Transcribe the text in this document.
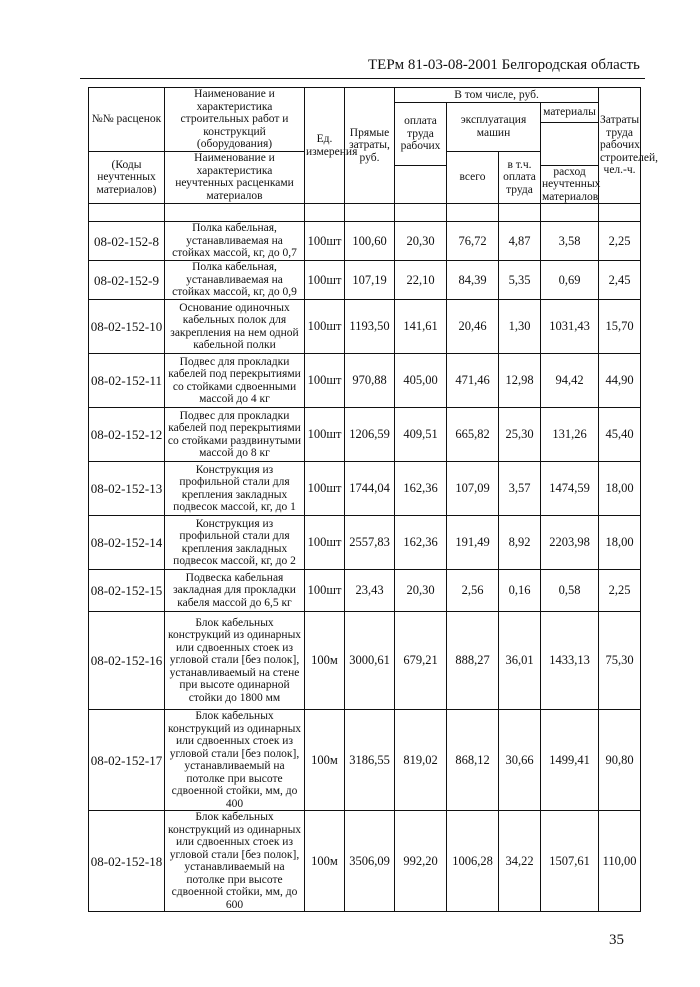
ТЕРм 81-03-08-2001 Белгородская область
№№ расценок	Наименование и характеристика строительных работ и конструкций (оборудования)	Ед. измерения	Прямые затраты, руб.	В том числе, руб.				Затраты труда рабочих строителей, чел.-ч.
				оплата труда рабочих	эксплуатация машин		материалы	

(Коды неучтенных материалов)	Наименование и характеристика неучтенных расценками материалов				всего	в т.ч. оплата труда		
							расход неучтенных материалов	

08-02-152-8	Полка кабельная, устанавливаемая на стойках массой, кг, до 0,7	100шт	100,60	20,30	76,72	4,87	3,58	2,25
08-02-152-9	Полка кабельная, устанавливаемая на стойках массой, кг, до 0,9	100шт	107,19	22,10	84,39	5,35	0,69	2,45
08-02-152-10	Основание одиночных кабельных полок для закрепления на нем одной кабельной полки	100шт	1193,50	141,61	20,46	1,30	1031,43	15,70
08-02-152-11	Подвес для прокладки кабелей под перекрытиями со стойками сдвоенными массой до 4 кг	100шт	970,88	405,00	471,46	12,98	94,42	44,90
08-02-152-12	Подвес для прокладки кабелей под перекрытиями со стойками раздвинутыми массой до 8 кг	100шт	1206,59	409,51	665,82	25,30	131,26	45,40
08-02-152-13	Конструкция из профильной стали для крепления закладных подвесок массой, кг, до 1	100шт	1744,04	162,36	107,09	3,57	1474,59	18,00
08-02-152-14	Конструкция из профильной стали для крепления закладных подвесок массой, кг, до 2	100шт	2557,83	162,36	191,49	8,92	2203,98	18,00
08-02-152-15	Подвеска кабельная закладная для прокладки кабеля массой до 6,5 кг	100шт	23,43	20,30	2,56	0,16	0,58	2,25
08-02-152-16	Блок кабельных конструкций из одинарных или сдвоенных стоек из угловой стали [без полок], устанавливаемый на стене при высоте одинарной стойки до 1800 мм	100м	3000,61	679,21	888,27	36,01	1433,13	75,30
08-02-152-17	Блок кабельных конструкций из одинарных или сдвоенных стоек из угловой стали [без полок], устанавливаемый на потолке при высоте сдвоенной стойки, мм, до 400	100м	3186,55	819,02	868,12	30,66	1499,41	90,80
08-02-152-18	Блок кабельных конструкций из одинарных или сдвоенных стоек из угловой стали [без полок], устанавливаемый на потолке при высоте сдвоенной стойки, мм, до 600	100м	3506,09	992,20	1006,28	34,22	1507,61	110,00
35
